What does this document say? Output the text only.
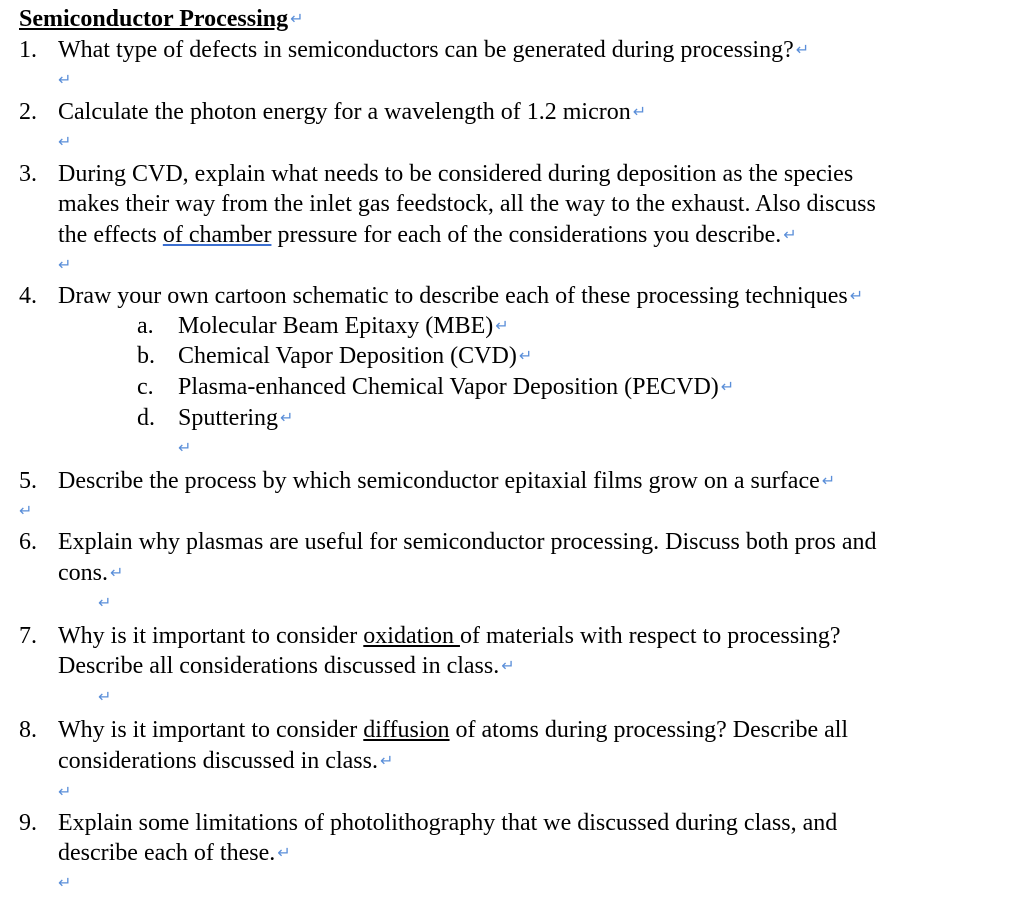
Semiconductor Processing ↵
1. What type of defects in semiconductors can be generated during processing? ↵
↵
2. Calculate the photon energy for a wavelength of 1.2 micron ↵
↵
3. During CVD, explain what needs to be considered during deposition as the species
makes their way from the inlet gas feedstock, all the way to the exhaust. Also discuss
the effects of chamber pressure for each of the considerations you describe. ↵
↵
4. Draw your own cartoon schematic to describe each of these processing techniques ↵
a. Molecular Beam Epitaxy (MBE) ↵
b. Chemical Vapor Deposition (CVD) ↵
c. Plasma-enhanced Chemical Vapor Deposition (PECVD) ↵
d. Sputtering ↵
↵
5. Describe the process by which semiconductor epitaxial films grow on a surface ↵
↵
6. Explain why plasmas are useful for semiconductor processing. Discuss both pros and
cons. ↵
↵
7. Why is it important to consider oxidation of materials with respect to processing?
Describe all considerations discussed in class. ↵
↵
8. Why is it important to consider diffusion of atoms during processing? Describe all
considerations discussed in class. ↵
↵
9. Explain some limitations of photolithography that we discussed during class, and
describe each of these. ↵
↵
